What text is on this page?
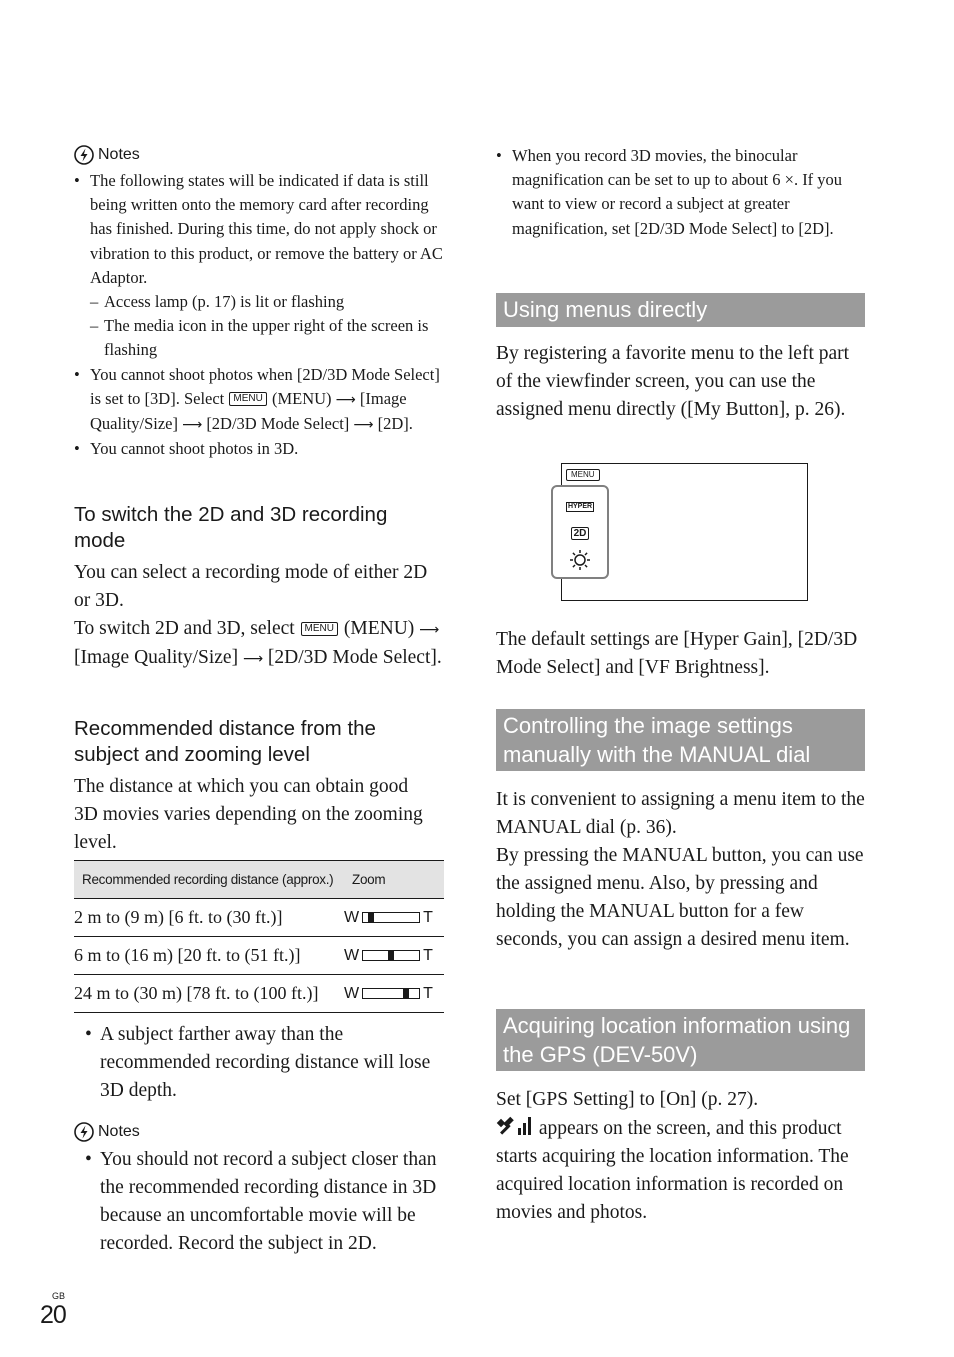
Notes
• The following states will be indicated if data is still being written onto the memory card after recording has finished. During this time, do not apply shock or vibration to this product, or remove the battery or AC Adaptor.
– Access lamp (p. 17) is lit or flashing
– The media icon in the upper right of the screen is flashing
• You cannot shoot photos when [2D/3D Mode Select] is set to [3D]. Select MENU (MENU) ⟶ [Image Quality/Size] ⟶ [2D/3D Mode Select] ⟶ [2D].
• You cannot shoot photos in 3D.
To switch the 2D and 3D recording mode
You can select a recording mode of either 2D or 3D.
To switch 2D and 3D, select MENU (MENU) ⟶ [Image Quality/Size] ⟶ [2D/3D Mode Select].
Recommended distance from the subject and zooming level
The distance at which you can obtain good 3D movies varies depending on the zooming level.
Recommended recording distance (approx.)	Zoom
2 m to (9 m) [6 ft. to (30 ft.)]	W T

6 m to (16 m) [20 ft. to (51 ft.)]	W T

24 m to (30 m) [78 ft. to (100 ft.)]	W T
• A subject farther away than the recommended recording distance will lose 3D depth.
Notes
• You should not record a subject closer than the recommended recording distance in 3D because an uncomfortable movie will be recorded. Record the subject in 2D.
• When you record 3D movies, the binocular magnification can be set to up to about 6 ×. If you want to view or record a subject at greater magnification, set [2D/3D Mode Select] to [2D].
Using menus directly
By registering a favorite menu to the left part of the viewfinder screen, you can use the assigned menu directly ([My Button], p. 26).
MENU
HYPER
2D
The default settings are [Hyper Gain], [2D/3D Mode Select] and [VF Brightness].
Controlling the image settings manually with the MANUAL dial
It is convenient to assigning a menu item to the MANUAL dial (p. 36).
By pressing the MANUAL button, you can use the assigned menu. Also, by pressing and holding the MANUAL button for a few seconds, you can assign a desired menu item.
Acquiring location information using the GPS (DEV-50V)
Set [GPS Setting] to [On] (p. 27).
appears on the screen, and this product starts acquiring the location information. The acquired location information is recorded on movies and photos.
GB
20
